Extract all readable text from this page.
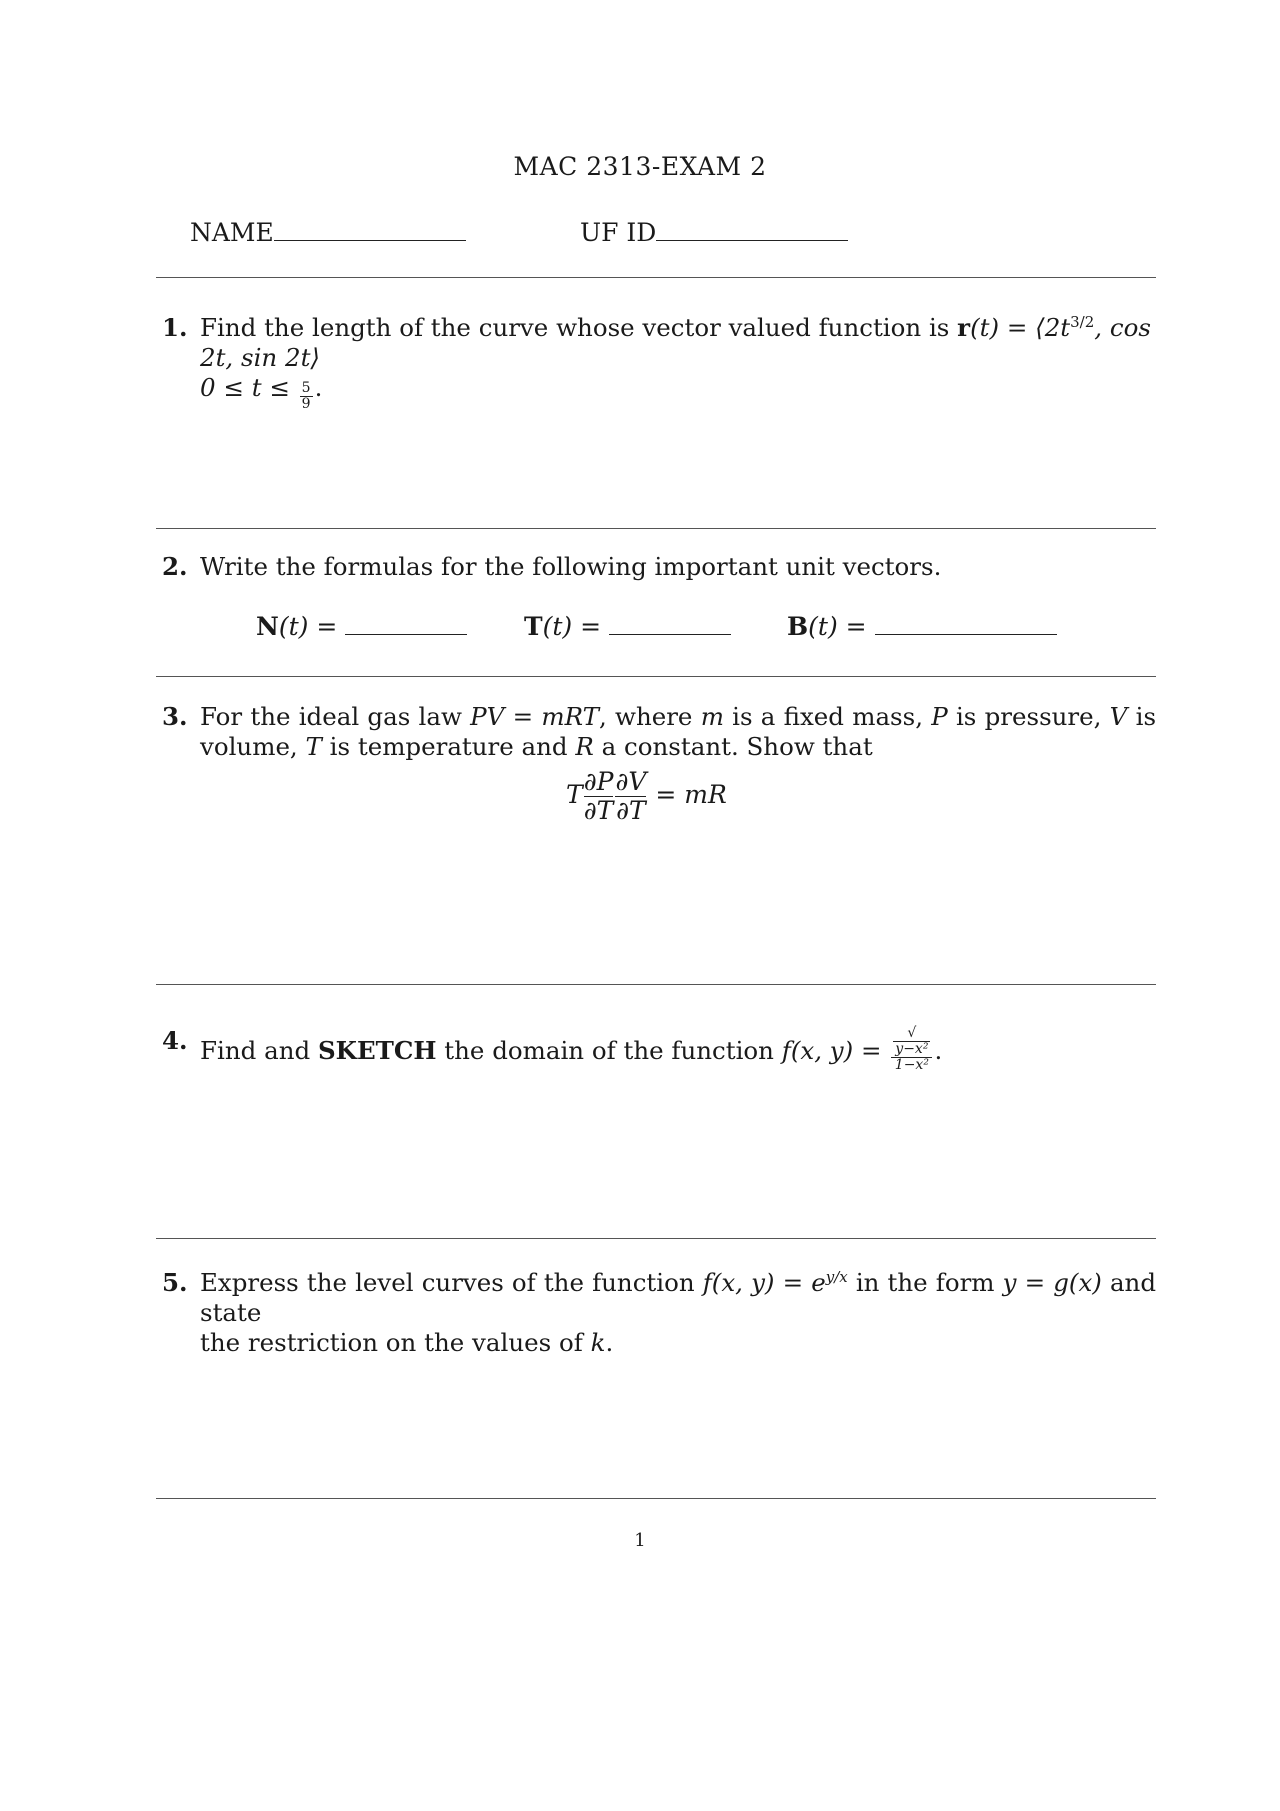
MAC 2313-EXAM 2
NAME	UF ID
1. Find the length of the curve whose vector valued function is $r(t) = ⟨2t^{3/2}$, cos 2t, sin 2t⟩
$0 \le t \le \frac{5}{9}$ .
2. Write the formulas for the following important unit vectors.
N(t) =	T(t) =	B(t) =
3. For the ideal gas law PV = mRT, where m is a fixed mass, P is pressure, V is
volume, T is temperature and R a constant. Show that
T $\frac{\partial P}{\partial T} \frac{\partial V}{\partial T}$ = mR
4. Find and SKETCH the domain of the function f(x, y) = √
y−x²
1−x² .
5. Express the level curves of the function f(x, $y) = e^{y/x}$ in the form y = g(x) and state
the restriction on the values of k.
1
